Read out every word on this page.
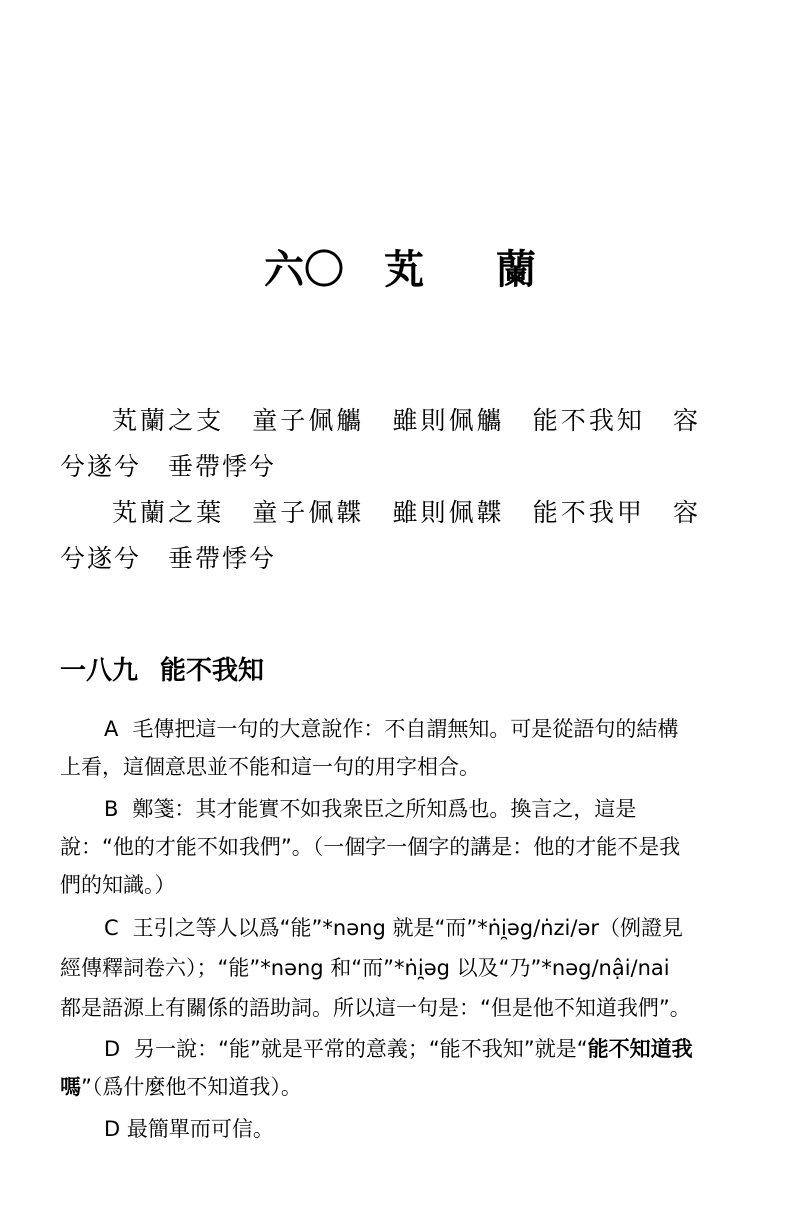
六〇 芄 蘭

芄蘭之支　童子佩觿　雖則佩觿　能不我知　容兮遂兮　垂帶悸兮

芄蘭之葉　童子佩韘　雖則佩韘　能不我甲　容兮遂兮　垂帶悸兮

一八九 能不我知

A 毛傳把這一句的大意說作：不自謂無知。可是從語句的結構上看，這個意思並不能和這一句的用字相合。

B 鄭箋：其才能實不如我衆臣之所知爲也。換言之，這是說：“他的才能不如我們”。（一個字一個字的講是：他的才能不是我們的知識。）

C 王引之等人以爲“能”*nəng 就是“而”*ṅi̯əg/ṅzi/ər（例證見經傳釋詞卷六）；“能”*nəng 和“而”*ṅi̯əg 以及“乃”*nəg/nậi/nai 都是語源上有關係的語助詞。所以這一句是：“但是他不知道我們”。

D 另一說：“能”就是平常的意義；“能不我知”就是“能不知道我嗎”（爲什麼他不知道我）。

D 最簡單而可信。
